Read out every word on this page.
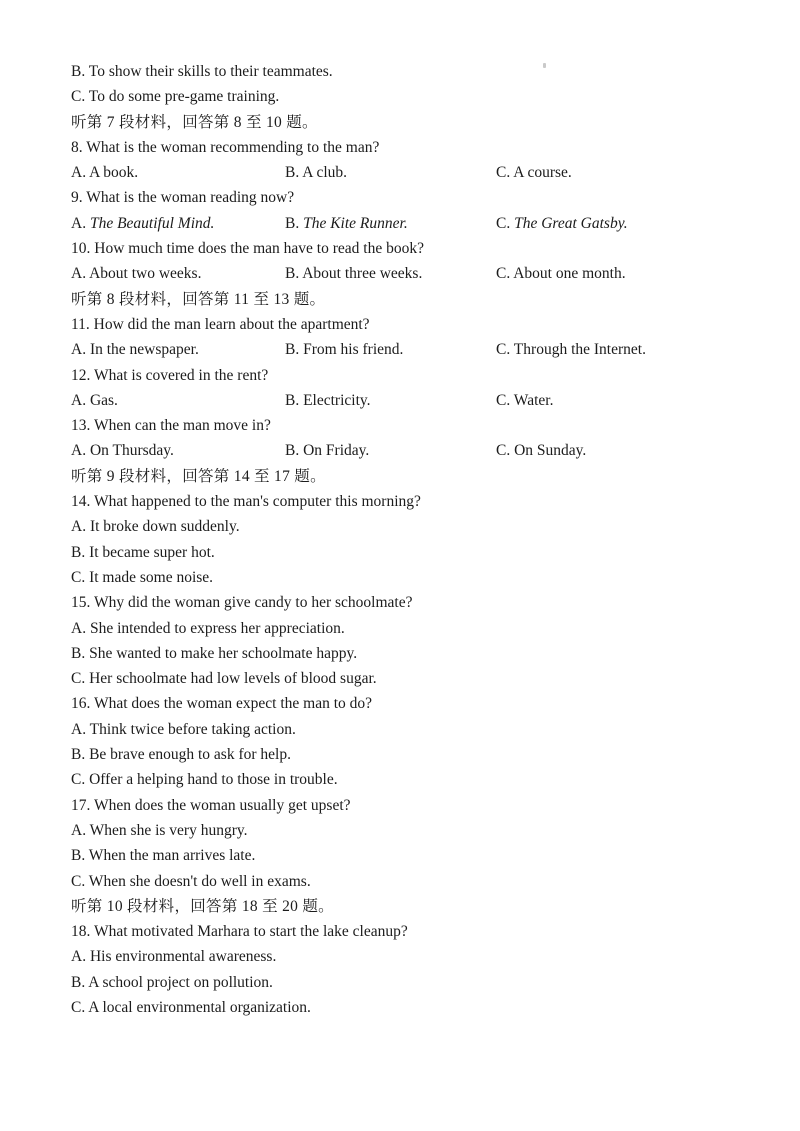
B. To show their skills to their teammates.
C. To do some pre-game training.
听第 7 段材料，回答第 8 至 10 题。
8. What is the woman recommending to the man?
A. A book.	B. A club.	C. A course.
9. What is the woman reading now?
A. The Beautiful Mind.	B. The Kite Runner.	C. The Great Gatsby.
10. How much time does the man have to read the book?
A. About two weeks.	B. About three weeks.	C. About one month.
听第 8 段材料，回答第 11 至 13 题。
11. How did the man learn about the apartment?
A. In the newspaper.	B. From his friend.	C. Through the Internet.
12. What is covered in the rent?
A. Gas.	B. Electricity.	C. Water.
13. When can the man move in?
A. On Thursday.	B. On Friday.	C. On Sunday.
听第 9 段材料，回答第 14 至 17 题。
14. What happened to the man's computer this morning?
A. It broke down suddenly.
B. It became super hot.
C. It made some noise.
15. Why did the woman give candy to her schoolmate?
A. She intended to express her appreciation.
B. She wanted to make her schoolmate happy.
C. Her schoolmate had low levels of blood sugar.
16. What does the woman expect the man to do?
A. Think twice before taking action.
B. Be brave enough to ask for help.
C. Offer a helping hand to those in trouble.
17. When does the woman usually get upset?
A. When she is very hungry.
B. When the man arrives late.
C. When she doesn't do well in exams.
听第 10 段材料，回答第 18 至 20 题。
18. What motivated Marhara to start the lake cleanup?
A. His environmental awareness.
B. A school project on pollution.
C. A local environmental organization.
